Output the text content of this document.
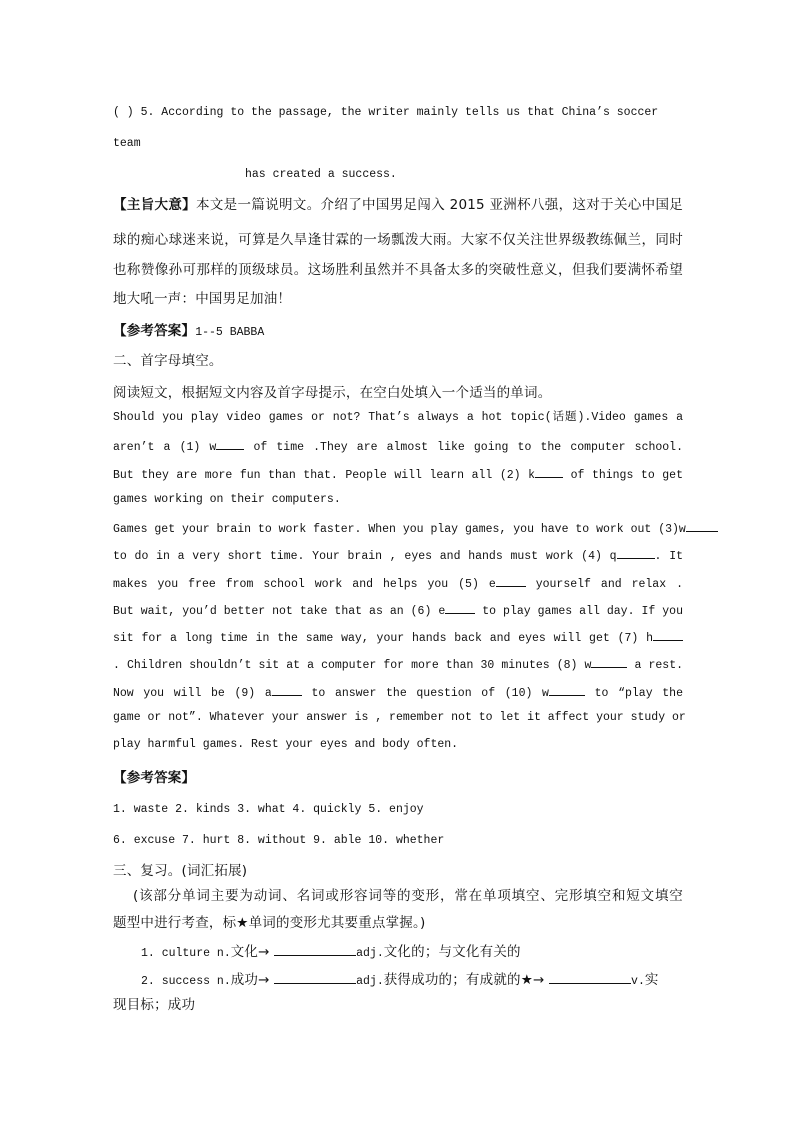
( ) 5. According to the passage, the writer mainly tells us that China’s soccer
team
has created a success.
【主旨大意】本文是一篇说明文。介绍了中国男足闯入 2015 亚洲杯八强，这对于关心中国足
球的痴心球迷来说，可算是久旱逢甘霖的一场瓢泼大雨。大家不仅关注世界级教练佩兰，同时
也称赞像孙可那样的顶级球员。这场胜利虽然并不具备太多的突破性意义，但我们要满怀希望
地大吼一声：中国男足加油！
【参考答案】1--5 BABBA
二、首字母填空。
阅读短文，根据短文内容及首字母提示，在空白处填入一个适当的单词。
Should you play video games or not? That’s always a hot topic(话题).Video games a
aren’t a (1) w of time .They are almost like going to the computer school.
But they are more fun than that. People will learn all (2) k of things to get
games working on their computers.
Games get your brain to work faster. When you play games, you have to work out (3)w
to do in a very short time. Your brain , eyes and hands must work (4) q	. It
makes you free from school work and helps you (5) e	yourself and relax .
But wait, you’d better not take that as an (6) e	to play games all day. If you
sit for a long time in the same way, your hands back and eyes will get (7) h
. Children shouldn’t sit at a computer for more than 30 minutes (8) w	a rest.
Now you will be (9) a	to answer the question of (10) w	to “play the
game or not”. Whatever your answer is , remember not to let it affect your study or
play harmful games. Rest your eyes and body often.
【参考答案】
1. waste 2. kinds 3. what 4. quickly 5. enjoy
6. excuse 7. hurt 8. without 9. able 10. whether
三、复习。(词汇拓展)
(该部分单词主要为动词、名词或形容词等的变形，常在单项填空、完形填空和短文填空
题型中进行考查，标★单词的变形尤其要重点掌握。)
1. culture n.文化→	adj.文化的；与文化有关的
2. success n.成功→	adj.获得成功的；有成就的★→	v.实
现目标；成功
